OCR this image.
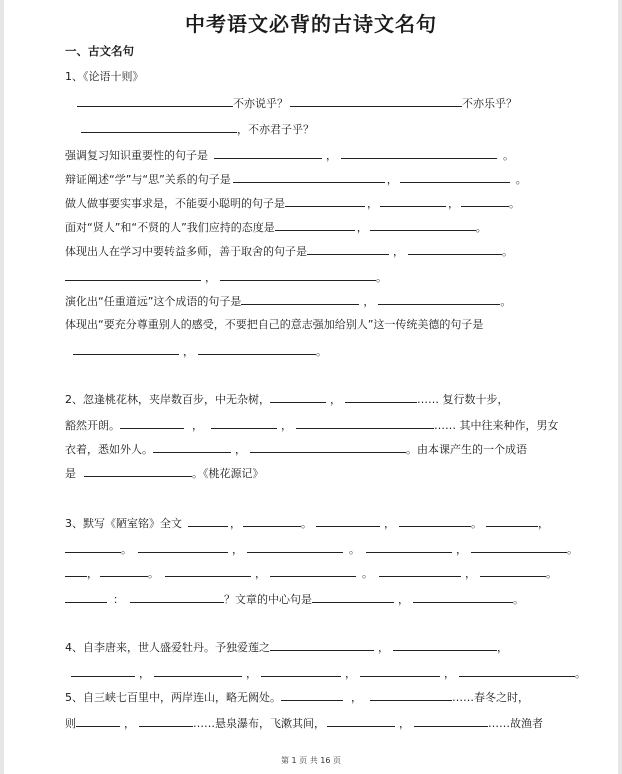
中考语文必背的古诗文名句
一、古文名句
1、《论语十则》
不亦说乎？	不亦乐乎？
，不亦君子乎？
强调复习知识重要性的句子是	，	。
辩证阐述“学”与“思”关系的句子是	，	。
做人做事要实事求是，不能耍小聪明的句子是	，	，	。
面对“贤人”和“不贤的人”我们应持的态度是	，	。
体现出人在学习中要转益多师，善于取舍的句子是	，	。
，	。
演化出“任重道远”这个成语的句子是	，	。
体现出“要充分尊重别人的感受，不要把自己的意志强加给别人”这一传统美德的句子是
，	。
2、忽逢桃花林，夹岸数百步，中无杂树，	，	…… 复行数十步，
豁然开朗。	，	，	…… 其中往来种作，男女
衣着，悉如外人。	，	。由本课产生的一个成语
是	。《桃花源记》
3、默写《陋室铭》全文	，	。	，	。	，
。	，	。	，	。
，	。	，	。	，	。
：	？文章的中心句是	，	。
4、自李唐来，世人盛爱牡丹。予独爱莲之	，	，
，	，	，	，	。
5、自三峡七百里中，两岸连山，略无阙处。	，	……春冬之时，
则	，	……悬泉瀑布，飞漱其间，	，	……故渔者
第 1 页 共 16 页
